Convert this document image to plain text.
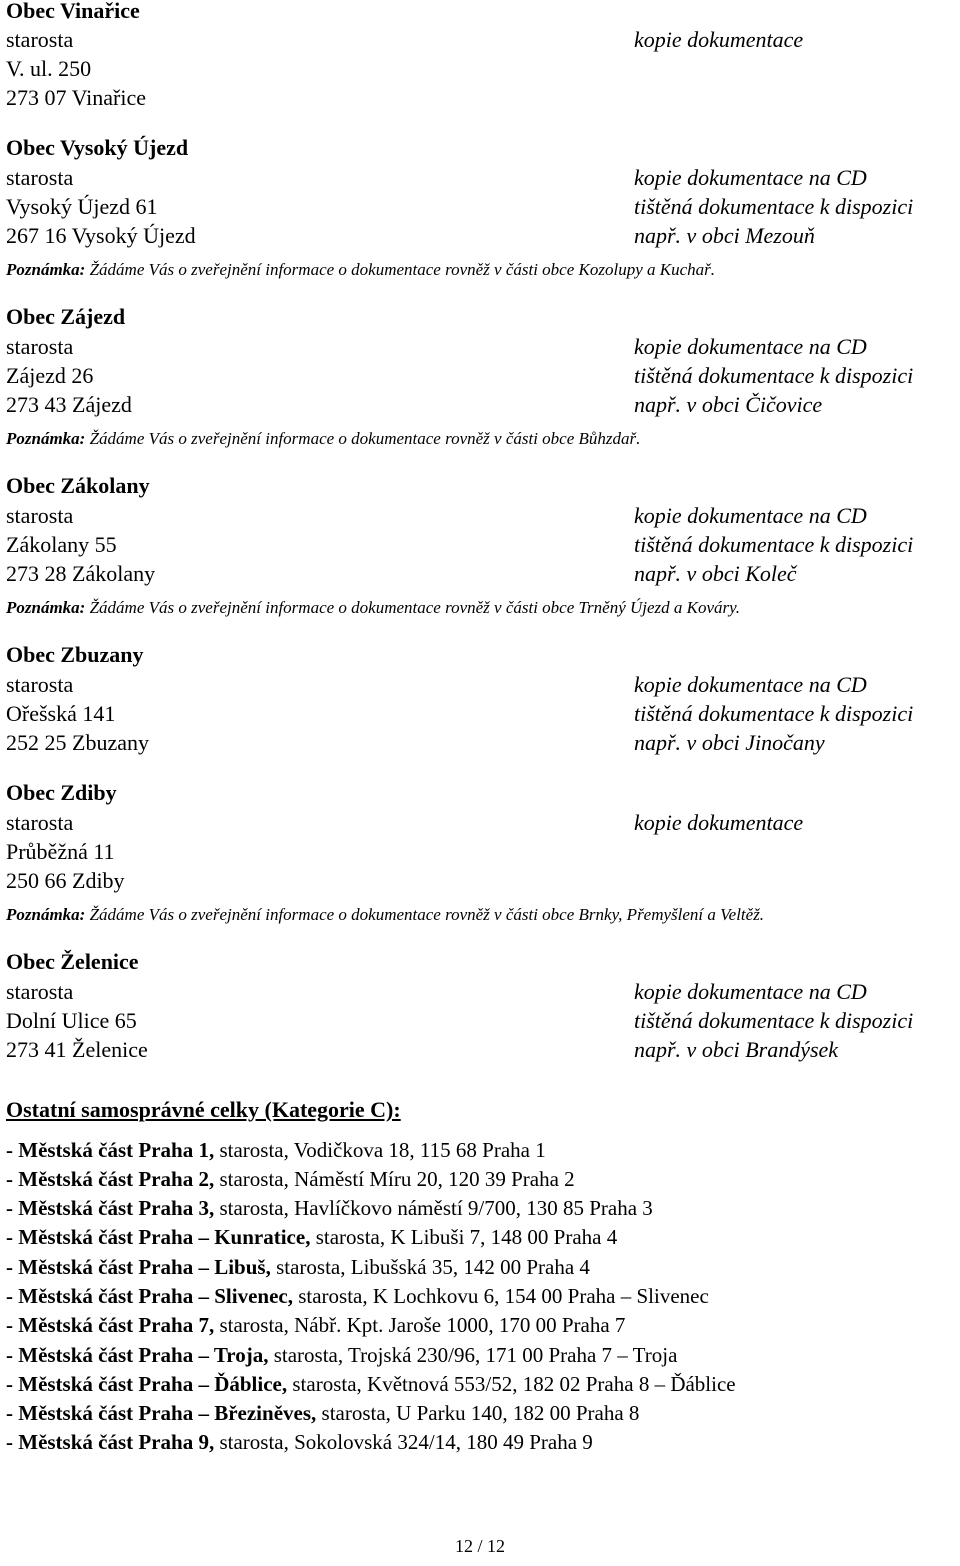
Obec Vinařice
starosta
V. ul. 250
273 07 Vinařice
kopie dokumentace
Obec Vysoký Újezd
starosta
Vysoký Újezd 61
267 16 Vysoký Újezd
kopie dokumentace na CD
tištěná dokumentace k dispozici
např. v obci Mezouň
Poznámka: Žádáme Vás o zveřejnění informace o dokumentace rovněž v části obce Kozolupy a Kuchař.
Obec Zájezd
starosta
Zájezd 26
273 43 Zájezd
kopie dokumentace na CD
tištěná dokumentace k dispozici
např. v obci Čičovice
Poznámka: Žádáme Vás o zveřejnění informace o dokumentace rovněž v části obce Bůhzdař.
Obec Zákolany
starosta
Zákolany 55
273 28 Zákolany
kopie dokumentace na CD
tištěná dokumentace k dispozici
např. v obci Koleč
Poznámka: Žádáme Vás o zveřejnění informace o dokumentace rovněž v části obce Trněný Újezd a Kováry.
Obec Zbuzany
starosta
Ořešská 141
252 25 Zbuzany
kopie dokumentace na CD
tištěná dokumentace k dispozici
např. v obci Jinočany
Obec Zdiby
starosta
Průběžná 11
250 66 Zdiby
kopie dokumentace
Poznámka: Žádáme Vás o zveřejnění informace o dokumentace rovněž v části obce Brnky, Přemyšlení a Veltěž.
Obec Želenice
starosta
Dolní Ulice 65
273 41 Želenice
kopie dokumentace na CD
tištěná dokumentace k dispozici
např. v obci Brandýsek
Ostatní samosprávné celky (Kategorie C):
- Městská část Praha 1, starosta, Vodičkova 18, 115 68 Praha 1
- Městská část Praha 2, starosta, Náměstí Míru 20, 120 39 Praha 2
- Městská část Praha 3, starosta, Havlíčkovo náměstí 9/700, 130 85 Praha 3
- Městská část Praha – Kunratice, starosta, K Libuši 7, 148 00 Praha 4
- Městská část Praha – Libuš, starosta, Libušská 35, 142 00 Praha 4
- Městská část Praha – Slivenec, starosta, K Lochkovu 6, 154 00 Praha – Slivenec
- Městská část Praha 7, starosta, Nábř. Kpt. Jaroše 1000, 170 00 Praha 7
- Městská část Praha – Troja, starosta, Trojská 230/96, 171 00 Praha 7 – Troja
- Městská část Praha – Ďáblice, starosta, Květnová 553/52, 182 02 Praha 8 – Ďáblice
- Městská část Praha – Březiněves, starosta, U Parku 140, 182 00 Praha 8
- Městská část Praha 9, starosta, Sokolovská 324/14, 180 49 Praha 9
12 / 12
